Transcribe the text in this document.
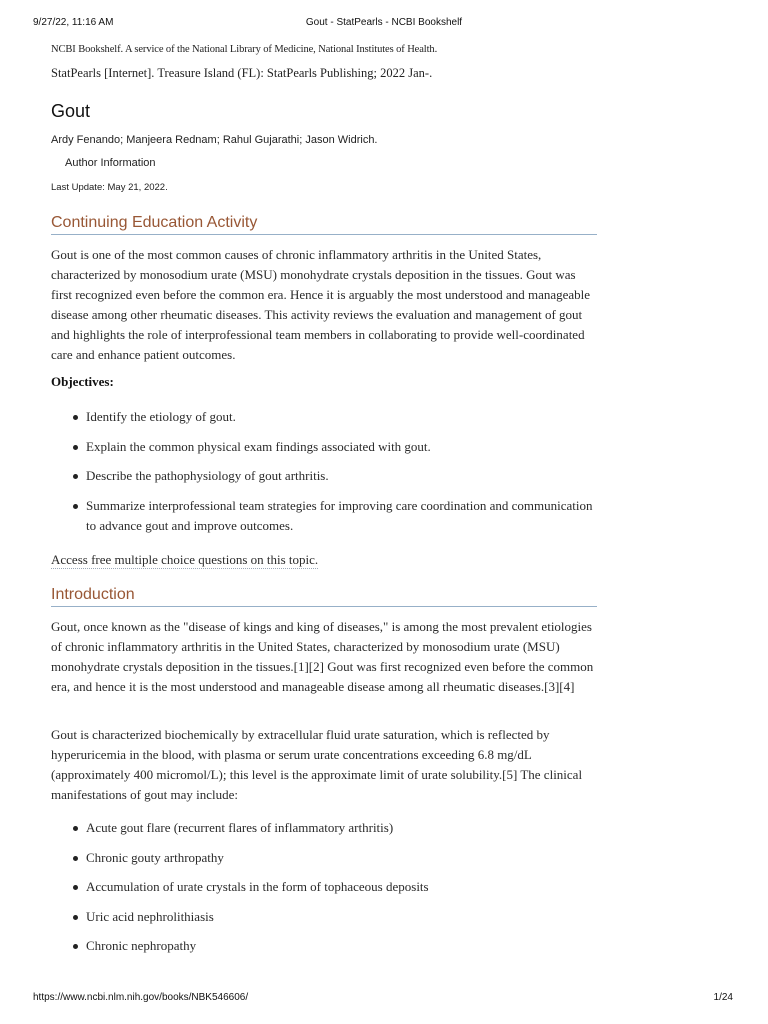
9/27/22, 11:16 AM	Gout - StatPearls - NCBI Bookshelf
NCBI Bookshelf. A service of the National Library of Medicine, National Institutes of Health.
StatPearls [Internet]. Treasure Island (FL): StatPearls Publishing; 2022 Jan-.
Gout
Ardy Fenando; Manjeera Rednam; Rahul Gujarathi; Jason Widrich.
Author Information
Last Update: May 21, 2022.
Continuing Education Activity

Gout is one of the most common causes of chronic inflammatory arthritis in the United States, characterized by monosodium urate (MSU) monohydrate crystals deposition in the tissues. Gout was first recognized even before the common era. Hence it is arguably the most understood and manageable disease among other rheumatic diseases. This activity reviews the evaluation and management of gout and highlights the role of interprofessional team members in collaborating to provide well-coordinated care and enhance patient outcomes.

Objectives:
Identify the etiology of gout.
Explain the common physical exam findings associated with gout.
Describe the pathophysiology of gout arthritis.
Summarize interprofessional team strategies for improving care coordination and communication to advance gout and improve outcomes.
Access free multiple choice questions on this topic.
Introduction

Gout, once known as the "disease of kings and king of diseases," is among the most prevalent etiologies of chronic inflammatory arthritis in the United States, characterized by monosodium urate (MSU) monohydrate crystals deposition in the tissues.[1][2] Gout was first recognized even before the common era, and hence it is the most understood and manageable disease among all rheumatic diseases.[3][4]

Gout is characterized biochemically by extracellular fluid urate saturation, which is reflected by hyperuricemia in the blood, with plasma or serum urate concentrations exceeding 6.8 mg/dL (approximately 400 micromol/L); this level is the approximate limit of urate solubility.[5] The clinical manifestations of gout may include:

Acute gout flare (recurrent flares of inflammatory arthritis)
Chronic gouty arthropathy
Accumulation of urate crystals in the form of tophaceous deposits
Uric acid nephrolithiasis
Chronic nephropathy
https://www.ncbi.nlm.nih.gov/books/NBK546606/	1/24
